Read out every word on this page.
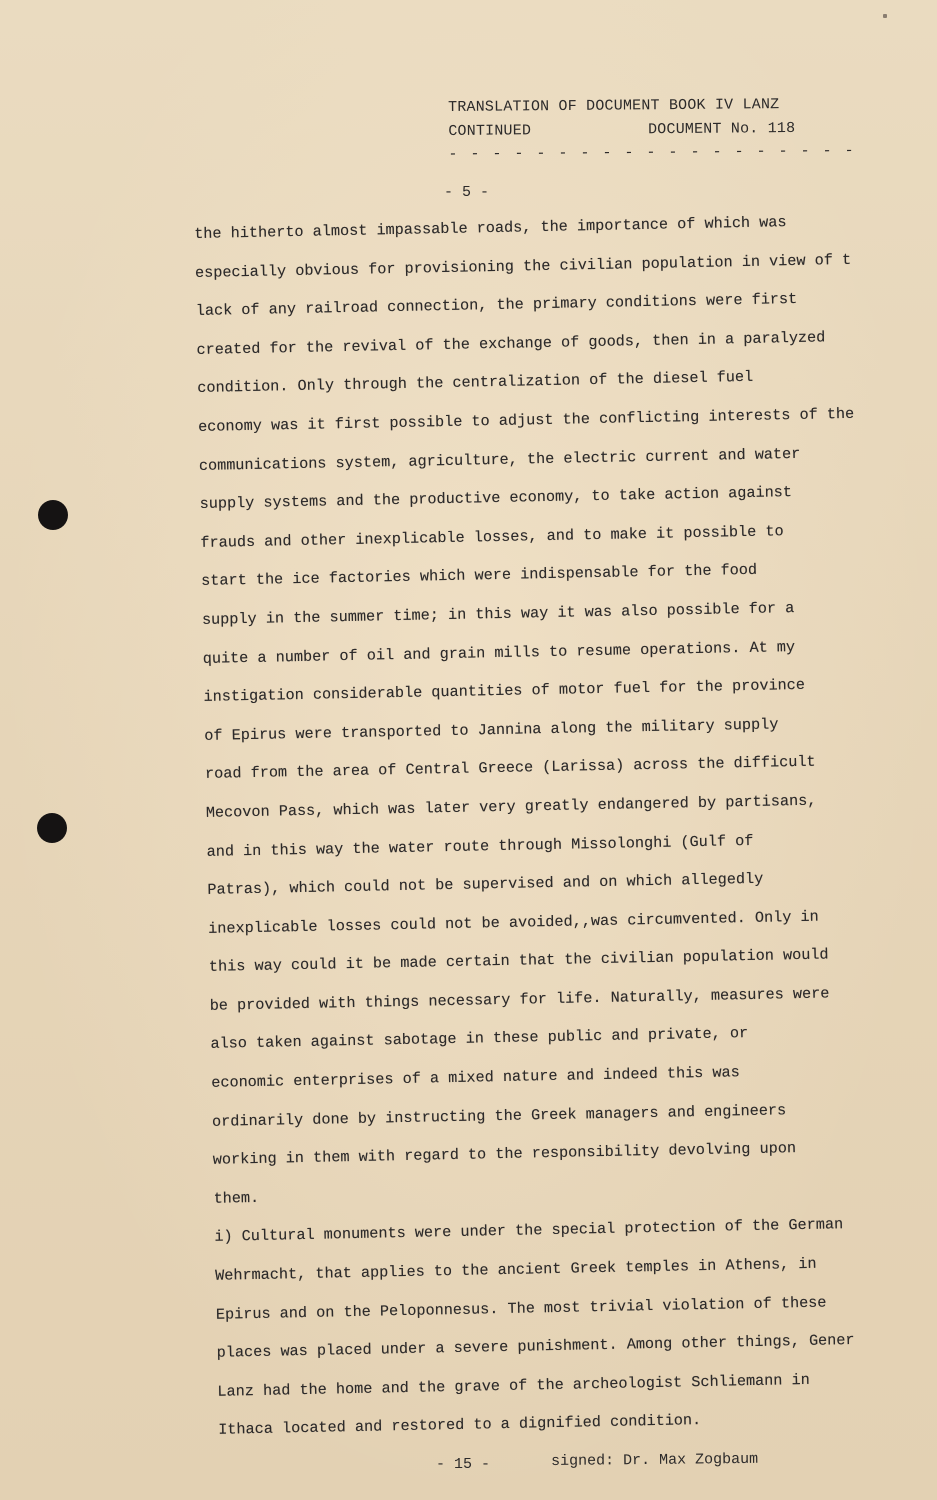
TRANSLATION OF DOCUMENT BOOK IV LANZ
CONTINUED	DOCUMENT No. 118
- - - - - - - - - - - - - - - - - - -
- 5 -
the hitherto almost impassable roads, the importance of which was
especially obvious for provisioning the civilian population in view of t
lack of any railroad connection, the primary conditions were first
created for the revival of the exchange of goods, then in a paralyzed
condition. Only through the centralization of the diesel fuel
economy was it first possible to adjust the conflicting interests of the
communications system, agriculture, the electric current and water
supply systems and the productive economy, to take action against
frauds and other inexplicable losses, and to make it possible to
start the ice factories which were indispensable for the food
supply in the summer time; in this way it was also possible for a
quite a number of oil and grain mills to resume operations. At my
instigation considerable quantities of motor fuel for the province
of Epirus were transported to Jannina along the military supply
road from the area of Central Greece (Larissa) across the difficult
Mecovon Pass, which was later very greatly endangered by partisans,
and in this way the water route through Missolonghi (Gulf of
Patras), which could not be supervised and on which allegedly
inexplicable losses could not be avoided,,was circumvented. Only in
this way could it be made certain that the civilian population would
be provided with things necessary for life. Naturally, measures were
also taken against sabotage in these public and private, or
economic enterprises of a mixed nature and indeed this was
ordinarily done by instructing the Greek managers and engineers
working in them with regard to the responsibility devolving upon
them.
i) Cultural monuments were under the special protection of the German
Wehrmacht, that applies to the ancient Greek temples in Athens, in
Epirus and on the Peloponnesus. The most trivial violation of these
places was placed under a severe punishment. Among other things, Gener
Lanz had the home and the grave of the archeologist Schliemann in
Ithaca located and restored to a dignified condition.
- 15 -	signed: Dr. Max Zogbaum
